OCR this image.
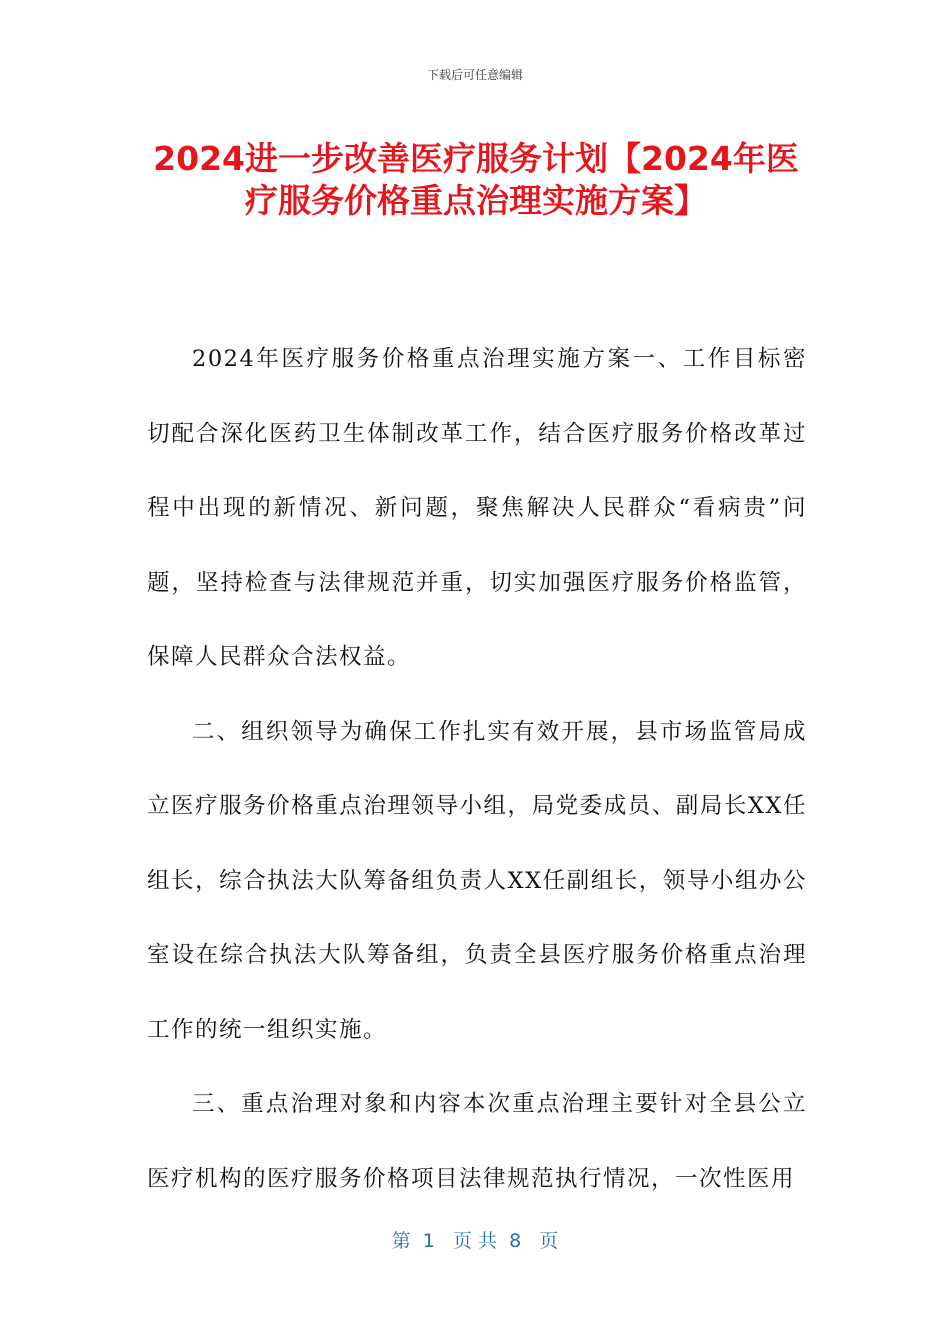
下载后可任意编辑
2024进一步改善医疗服务计划【2024年医疗服务价格重点治理实施方案】

2024年医疗服务价格重点治理实施方案一、工作目标密切配合深化医药卫生体制改革工作，结合医疗服务价格改革过程中出现的新情况、新问题，聚焦解决人民群众“看病贵”问题，坚持检查与法律规范并重，切实加强医疗服务价格监管，保障人民群众合法权益。

二、组织领导为确保工作扎实有效开展，县市场监管局成立医疗服务价格重点治理领导小组，局党委成员、副局长XX任组长，综合执法大队筹备组负责人XX任副组长，领导小组办公室设在综合执法大队筹备组，负责全县医疗服务价格重点治理工作的统一组织实施。

三、重点治理对象和内容本次重点治理主要针对全县公立医疗机构的医疗服务价格项目法律规范执行情况，一次性医用

第  1   页 共  8   页
